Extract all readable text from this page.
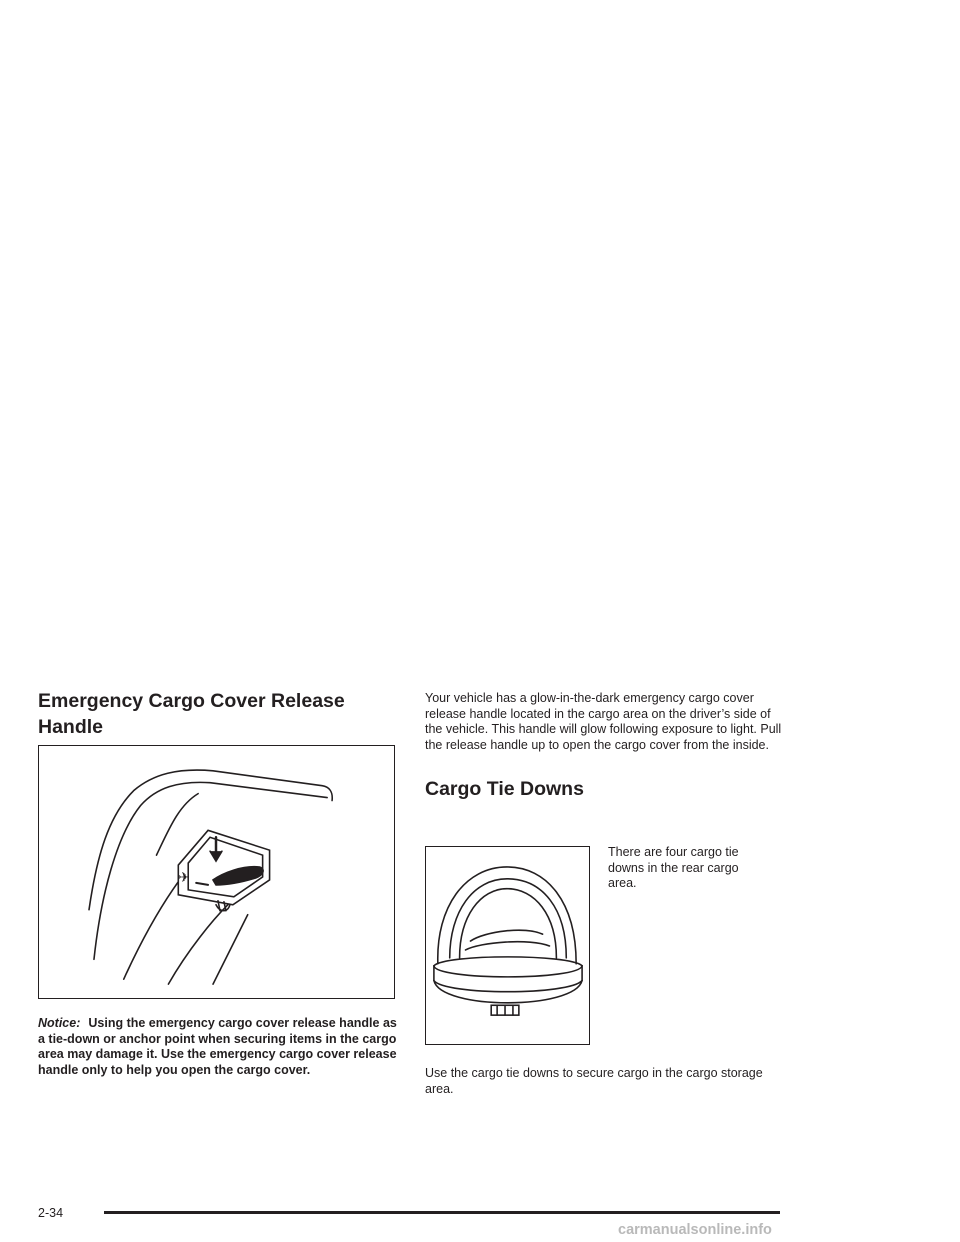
Emergency Cargo Cover Release
Handle
✈

Notice: Using the emergency cargo cover release handle as a tie-down or anchor point when securing items in the cargo area may damage it. Use the emergency cargo cover release handle only to help you open the cargo cover.

Your vehicle has a glow-in-the-dark emergency cargo cover release handle located in the cargo area on the driver’s side of the vehicle. This handle will glow following exposure to light. Pull the release handle up to open the cargo cover from the inside.

Cargo Tie Downs

There are four cargo tie downs in the rear cargo area.

Use the cargo tie downs to secure cargo in the cargo storage area.

2-34
carmanualsonline.info
